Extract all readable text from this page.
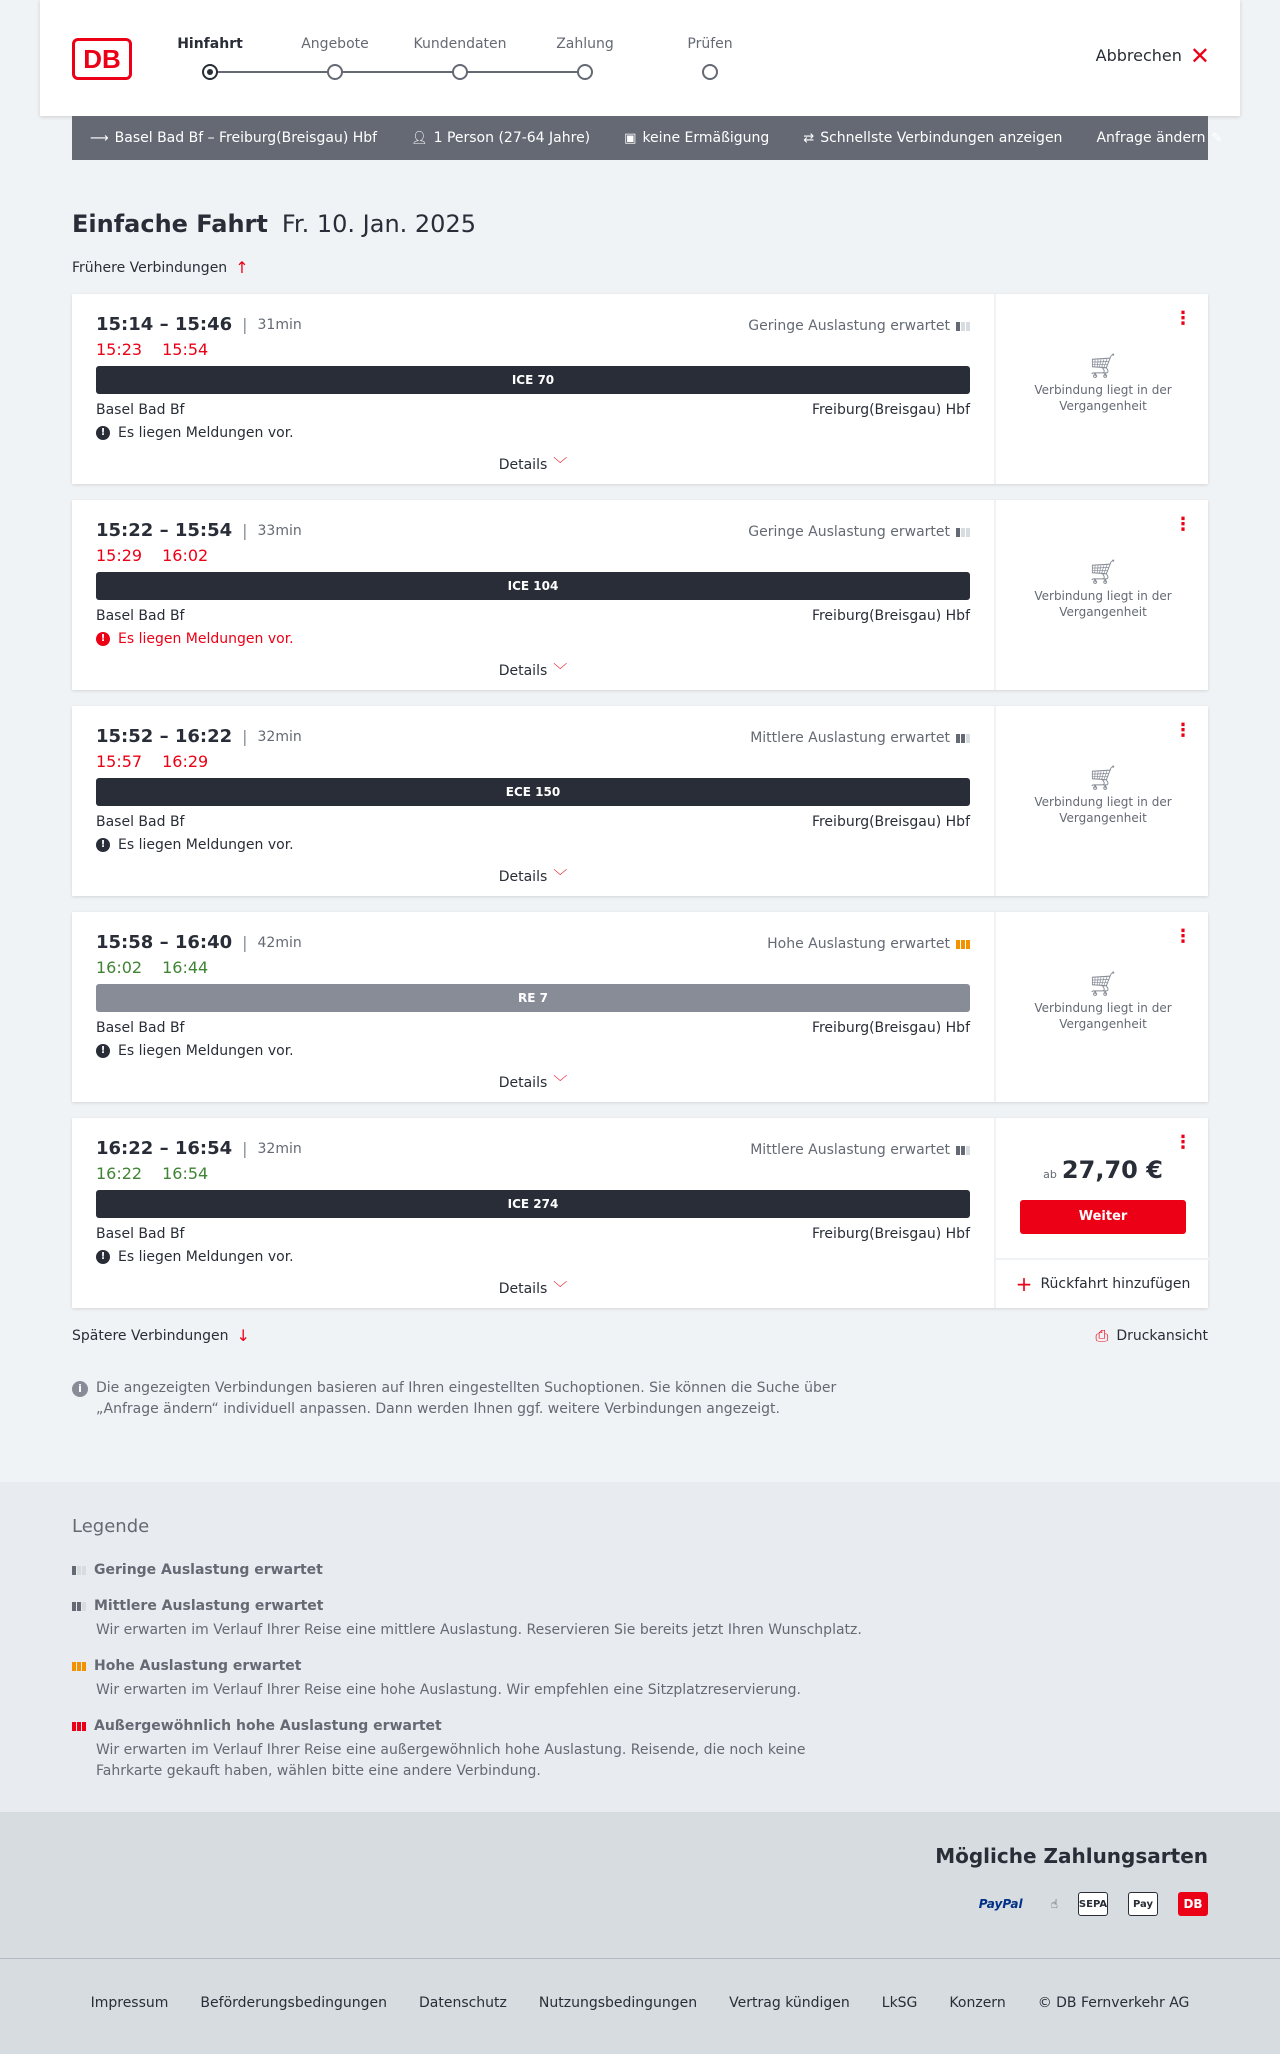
DB	Hinfahrt	Angebote	Kundendaten	Zahlung	Prüfen
Abbrechen ✕
⟶ Basel Bad Bf – Freiburg(Breisgau) Hbf	👤︎ 1 Person (27-64 Jahre)	▣ keine Ermäßigung	⇄ Schnellste Verbindungen anzeigen Anfrage ändern ✎
Einfache Fahrt Fr. 10. Jan. 2025
Frühere Verbindungen ↑
15:14 – 15:46 | 31min
15:23 15:54
Geringe Auslastung erwartet
ICE 70
Basel Bad Bf	Freiburg(Breisgau) Hbf
! Es liegen Meldungen vor.
Details ﹀
⋮
🛒︎
Verbindung liegt in der Vergangenheit
15:22 – 15:54 | 33min
15:29 16:02
Geringe Auslastung erwartet
ICE 104
Basel Bad Bf	Freiburg(Breisgau) Hbf
! Es liegen Meldungen vor.
Details ﹀
⋮
🛒︎
Verbindung liegt in der Vergangenheit
15:52 – 16:22 | 32min
15:57 16:29
Mittlere Auslastung erwartet
ECE 150
Basel Bad Bf	Freiburg(Breisgau) Hbf
! Es liegen Meldungen vor.
Details ﹀
⋮
🛒︎
Verbindung liegt in der Vergangenheit
15:58 – 16:40 | 42min
16:02 16:44
Hohe Auslastung erwartet
RE 7
Basel Bad Bf	Freiburg(Breisgau) Hbf
! Es liegen Meldungen vor.
Details ﹀
⋮
🛒︎
Verbindung liegt in der Vergangenheit
16:22 – 16:54 | 32min
16:22 16:54
Mittlere Auslastung erwartet
ICE 274
Basel Bad Bf	Freiburg(Breisgau) Hbf
! Es liegen Meldungen vor.
Details ﹀
⋮
ab 27,70 €
Weiter
+ Rückfahrt hinzufügen
Spätere Verbindungen ↓	⎙ Druckansicht
i	Die angezeigten Verbindungen basieren auf Ihren eingestellten Suchoptionen. Sie können die Suche über „Anfrage ändern“ individuell anpassen. Dann werden Ihnen ggf. weitere Verbindungen angezeigt.
Legende
Geringe Auslastung erwartet
Mittlere Auslastung erwartet
Wir erwarten im Verlauf Ihrer Reise eine mittlere Auslastung. Reservieren Sie bereits jetzt Ihren Wunschplatz.
Hohe Auslastung erwartet
Wir erwarten im Verlauf Ihrer Reise eine hohe Auslastung. Wir empfehlen eine Sitzplatzreservierung.
Außergewöhnlich hohe Auslastung erwartet
Wir erwarten im Verlauf Ihrer Reise eine außergewöhnlich hohe Auslastung. Reisende, die noch keine Fahrkarte gekauft haben, wählen bitte eine andere Verbindung.
Mögliche Zahlungsarten
PayPal	☝︎ SEPA	Pay	DB
Impressum Beförderungsbedingungen Datenschutz Nutzungsbedingungen Vertrag kündigen LkSG Konzern © DB Fernverkehr AG
